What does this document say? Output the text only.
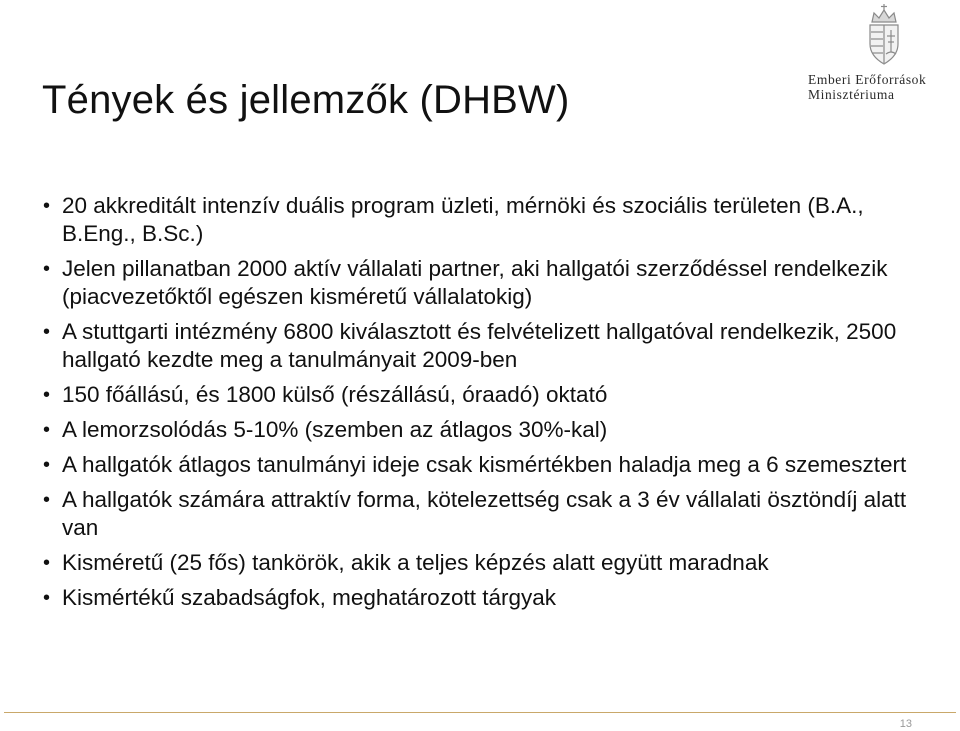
Emberi Erőforrások
Minisztériuma
Tények és jellemzők (DHBW)
• 20 akkreditált intenzív duális program üzleti, mérnöki és szociális területen (B.A., B.Eng., B.Sc.)
• Jelen pillanatban 2000 aktív vállalati partner, aki hallgatói szerződéssel rendelkezik (piacvezetőktől egészen kisméretű vállalatokig)
• A stuttgarti intézmény 6800 kiválasztott és felvételizett hallgatóval rendelkezik, 2500 hallgató kezdte meg a tanulmányait 2009-ben
• 150 főállású, és 1800 külső (részállású, óraadó) oktató
• A lemorzsolódás 5-10% (szemben az átlagos 30%-kal)
• A hallgatók átlagos tanulmányi ideje csak kismértékben haladja meg a 6 szemesztert
• A hallgatók számára attraktív forma, kötelezettség csak a 3 év vállalati ösztöndíj alatt van
• Kisméretű (25 fős) tankörök, akik a teljes képzés alatt együtt maradnak
• Kismértékű szabadságfok, meghatározott tárgyak
13
